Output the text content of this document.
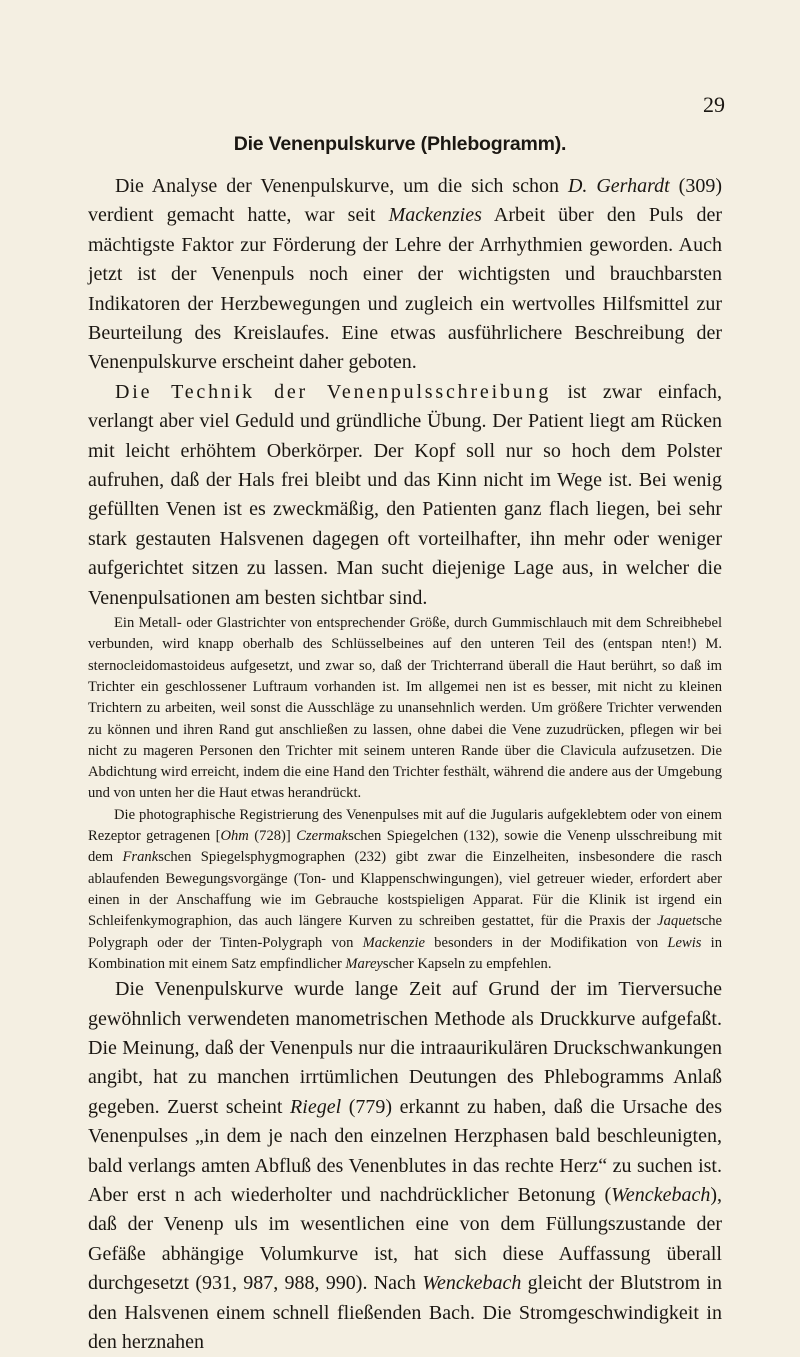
29
Die Venenpulskurve (Phlebogramm).

Die Analyse der Venenpulskurve, um die sich schon D. Gerhardt (309) verdient gemacht hatte, war seit Mackenzies Arbeit über den Puls der mächtigste Faktor zur Förderung der Lehre der Arrhythmien geworden. Auch jetzt ist der Venenpuls noch einer der wichtigsten und brauchbarsten Indikatoren der Herzbewegungen und zugleich ein wertvolles Hilfsmittel zur Beurteilung des Kreislaufes. Eine etwas ausführlichere Beschreibung der Venenpulskurve erscheint daher geboten.

Die Technik der Venenpulsschreibung ist zwar einfach, verlangt aber viel Geduld und gründliche Übung. Der Patient liegt am Rücken mit leicht erhöhtem Oberkörper. Der Kopf soll nur so hoch dem Polster aufruhen, daß der Hals frei bleibt und das Kinn nicht im Wege ist. Bei wenig gefüllten Venen ist es zweckmäßig, den Patienten ganz flach liegen, bei sehr stark gestauten Halsvenen dagegen oft vorteilhafter, ihn mehr oder weniger aufgerichtet sitzen zu lassen. Man sucht diejenige Lage aus, in welcher die Venenpulsationen am besten sichtbar sind.

Ein Metall- oder Glastrichter von entsprechender Größe, durch Gummischlauch mit dem Schreibhebel verbunden, wird knapp oberhalb des Schlüsselbeines auf den unteren Teil des (entspan nten!) M. sternocleidomastoideus aufgesetzt, und zwar so, daß der Trichterrand überall die Haut berührt, so daß im Trichter ein geschlossener Luftraum vorhanden ist. Im allgemei nen ist es besser, mit nicht zu kleinen Trichtern zu arbeiten, weil sonst die Ausschläge zu unansehnlich werden. Um größere Trichter verwenden zu können und ihren Rand gut anschließen zu lassen, ohne dabei die Vene zuzudrücken, pflegen wir bei nicht zu mageren Personen den Trichter mit seinem unteren Rande über die Clavicula aufzusetzen. Die Abdichtung wird erreicht, indem die eine Hand den Trichter festhält, während die andere aus der Umgebung und von unten her die Haut etwas herandrückt.

Die photographische Registrierung des Venenpulses mit auf die Jugularis aufgeklebtem oder von einem Rezeptor getragenen [Ohm (728)] Czermakschen Spiegelchen (132), sowie die Venenp ulsschreibung mit dem Frankschen Spiegelsphygmographen (232) gibt zwar die Einzelheiten, insbesondere die rasch ablaufenden Bewegungsvorgänge (Ton- und Klappenschwingungen), viel getreuer wieder, erfordert aber einen in der Anschaffung wie im Gebrauche kostspieligen Apparat. Für die Klinik ist irgend ein Schleifenkymographion, das auch längere Kurven zu schreiben gestattet, für die Praxis der Jaquetsche Polygraph oder der Tinten-Polygraph von Mackenzie besonders in der Modifikation von Lewis in Kombination mit einem Satz empfindlicher Mareyscher Kapseln zu empfehlen.

Die Venenpulskurve wurde lange Zeit auf Grund der im Tierversuche gewöhnlich verwendeten manometrischen Methode als Druckkurve aufgefaßt. Die Meinung, daß der Venenpuls nur die intraaurikulären Druckschwankungen angibt, hat zu manchen irrtümlichen Deutungen des Phlebogramms Anlaß gegeben. Zuerst scheint Riegel (779) erkannt zu haben, daß die Ursache des Venenpulses „in dem je nach den einzelnen Herzphasen bald beschleunigten, bald verlangs amten Abfluß des Venenblutes in das rechte Herz“ zu suchen ist. Aber erst n ach wiederholter und nachdrücklicher Betonung (Wenckebach), daß der Venenp uls im wesentlichen eine von dem Füllungszustande der Gefäße abhängige Volumkurve ist, hat sich diese Auffassung überall durchgesetzt (931, 987, 988, 990). Nach Wenckebach gleicht der Blutstrom in den Halsvenen einem schnell fließenden Bach. Die Stromgeschwindigkeit in den herznahen
